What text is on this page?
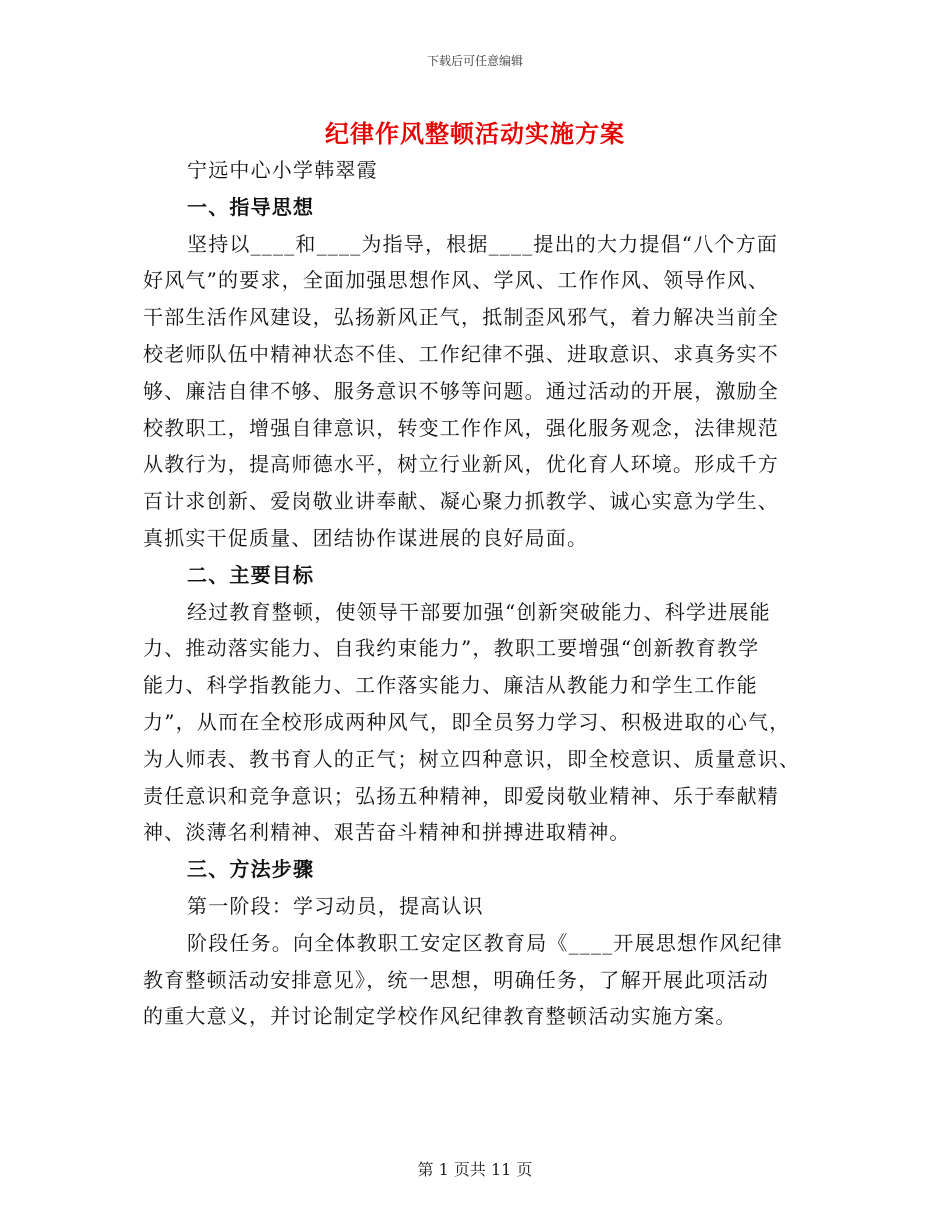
下载后可任意编辑
纪律作风整顿活动实施方案
宁远中心小学韩翠霞
一、指导思想
坚持以____和____为指导，根据____提出的大力提倡“八个方面
好风气”的要求，全面加强思想作风、学风、工作作风、领导作风、
干部生活作风建设，弘扬新风正气，抵制歪风邪气，着力解决当前全
校老师队伍中精神状态不佳、工作纪律不强、进取意识、求真务实不
够、廉洁自律不够、服务意识不够等问题。通过活动的开展，激励全
校教职工，增强自律意识，转变工作作风，强化服务观念，法律规范
从教行为，提高师德水平，树立行业新风，优化育人环境。形成千方
百计求创新、爱岗敬业讲奉献、凝心聚力抓教学、诚心实意为学生、
真抓实干促质量、团结协作谋进展的良好局面。
二、主要目标
经过教育整顿，使领导干部要加强“创新突破能力、科学进展能
力、推动落实能力、自我约束能力”，教职工要增强“创新教育教学
能力、科学指教能力、工作落实能力、廉洁从教能力和学生工作能
力”，从而在全校形成两种风气，即全员努力学习、积极进取的心气，
为人师表、教书育人的正气；树立四种意识，即全校意识、质量意识、
责任意识和竞争意识；弘扬五种精神，即爱岗敬业精神、乐于奉献精
神、淡薄名利精神、艰苦奋斗精神和拼搏进取精神。
三、方法步骤
第一阶段：学习动员，提高认识
阶段任务。向全体教职工安定区教育局《____开展思想作风纪律
教育整顿活动安排意见》，统一思想，明确任务，了解开展此项活动
的重大意义，并讨论制定学校作风纪律教育整顿活动实施方案。
第 1 页共 11 页
